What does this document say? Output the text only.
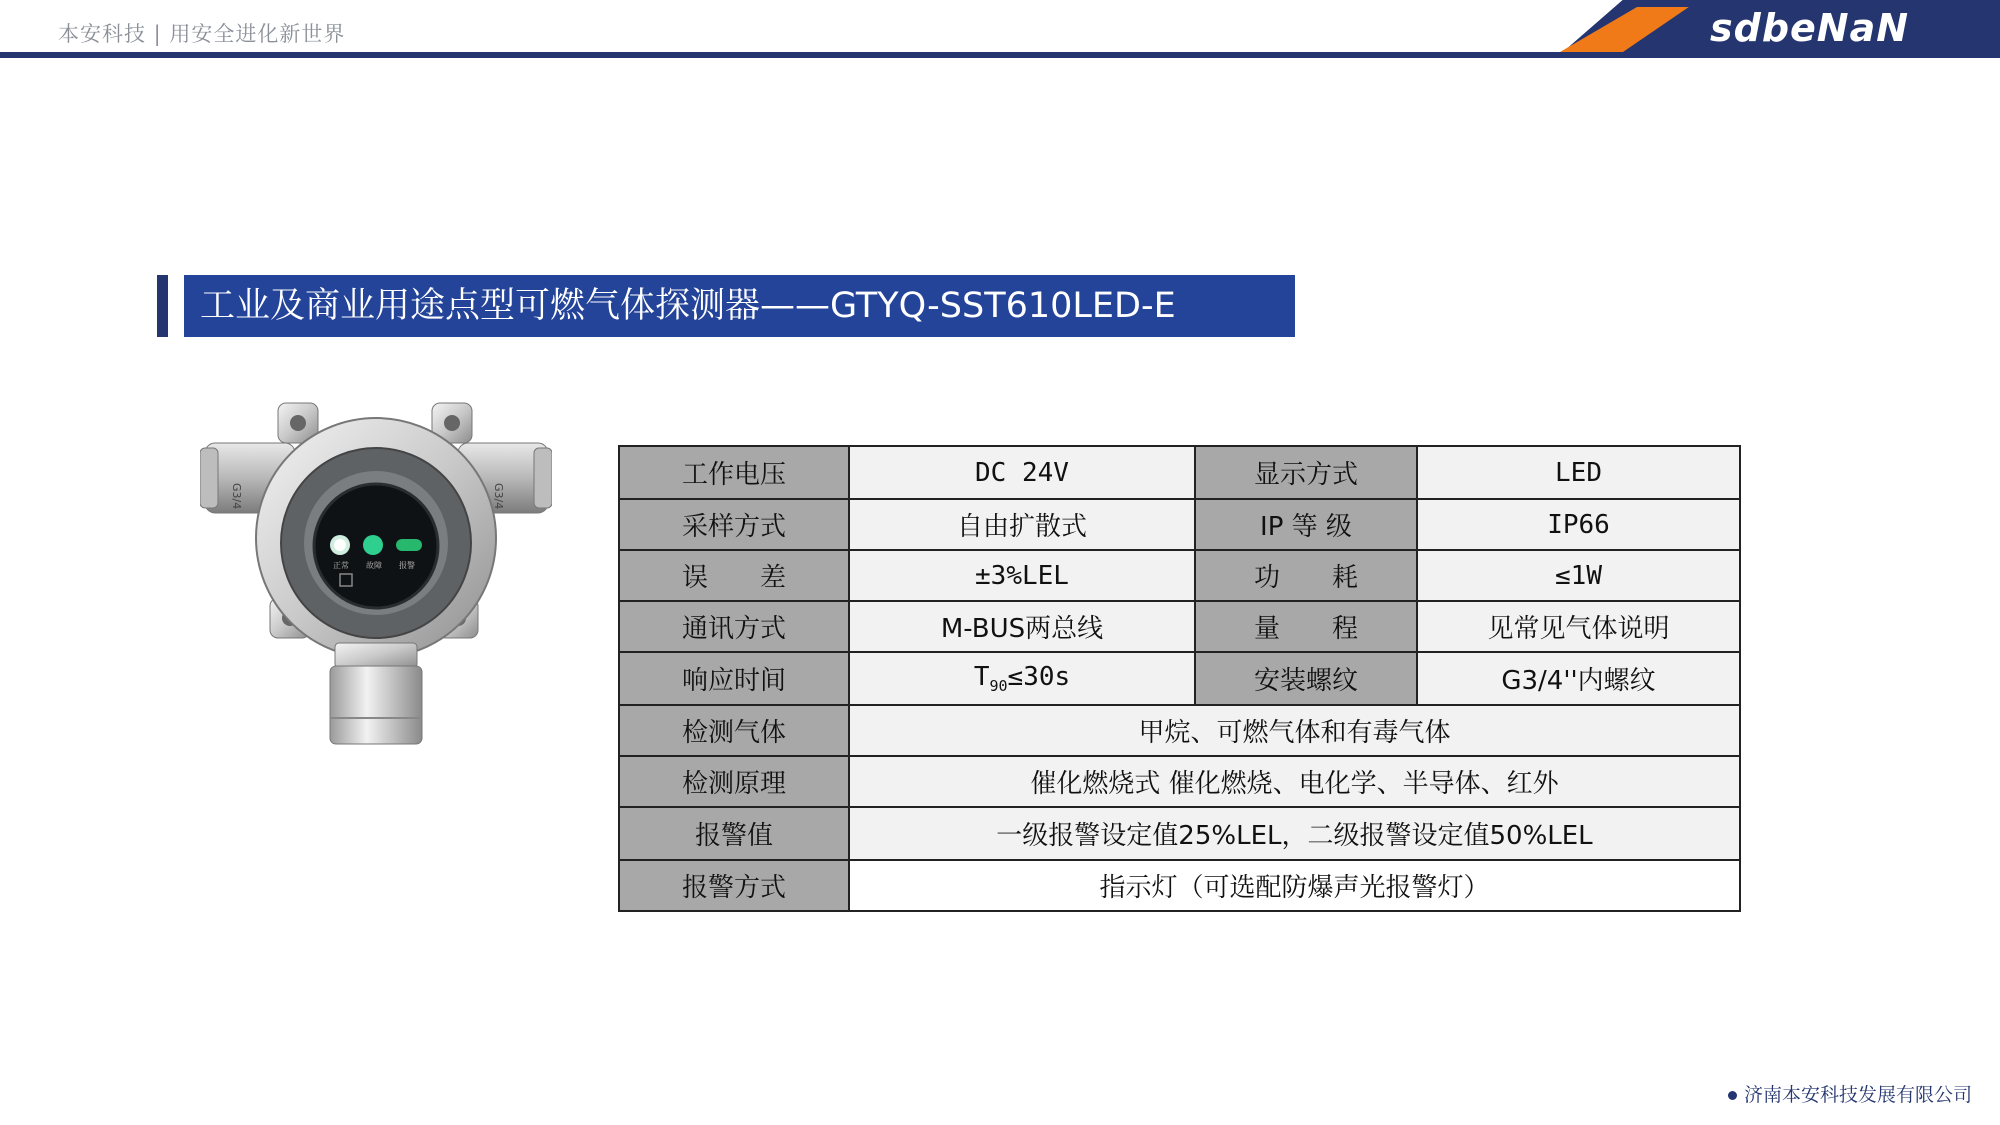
本安科技 | 用安全进化新世界	sdbeNaN
工业及商业用途点型可燃气体探测器——GTYQ-SST610LED-E
G3/4	G3/4
正常 故障 报警
工作电压	DC 24V	显示方式	LED
采样方式	自由扩散式	IP 等 级	IP66
误　　差	±3%LEL	功　　耗	≤1W
通讯方式	M-BUS两总线	量　　程	见常见气体说明
响应时间	$T_{90}\le 30s$	安装螺纹	G3/4''内螺纹
检测气体	甲烷、可燃气体和有毒气体		
检测原理	催化燃烧式 催化燃烧、电化学、半导体、红外		
报警值	一级报警设定值25%LEL，二级报警设定值50%LEL		
报警方式	指示灯（可选配防爆声光报警灯）		
济南本安科技发展有限公司
